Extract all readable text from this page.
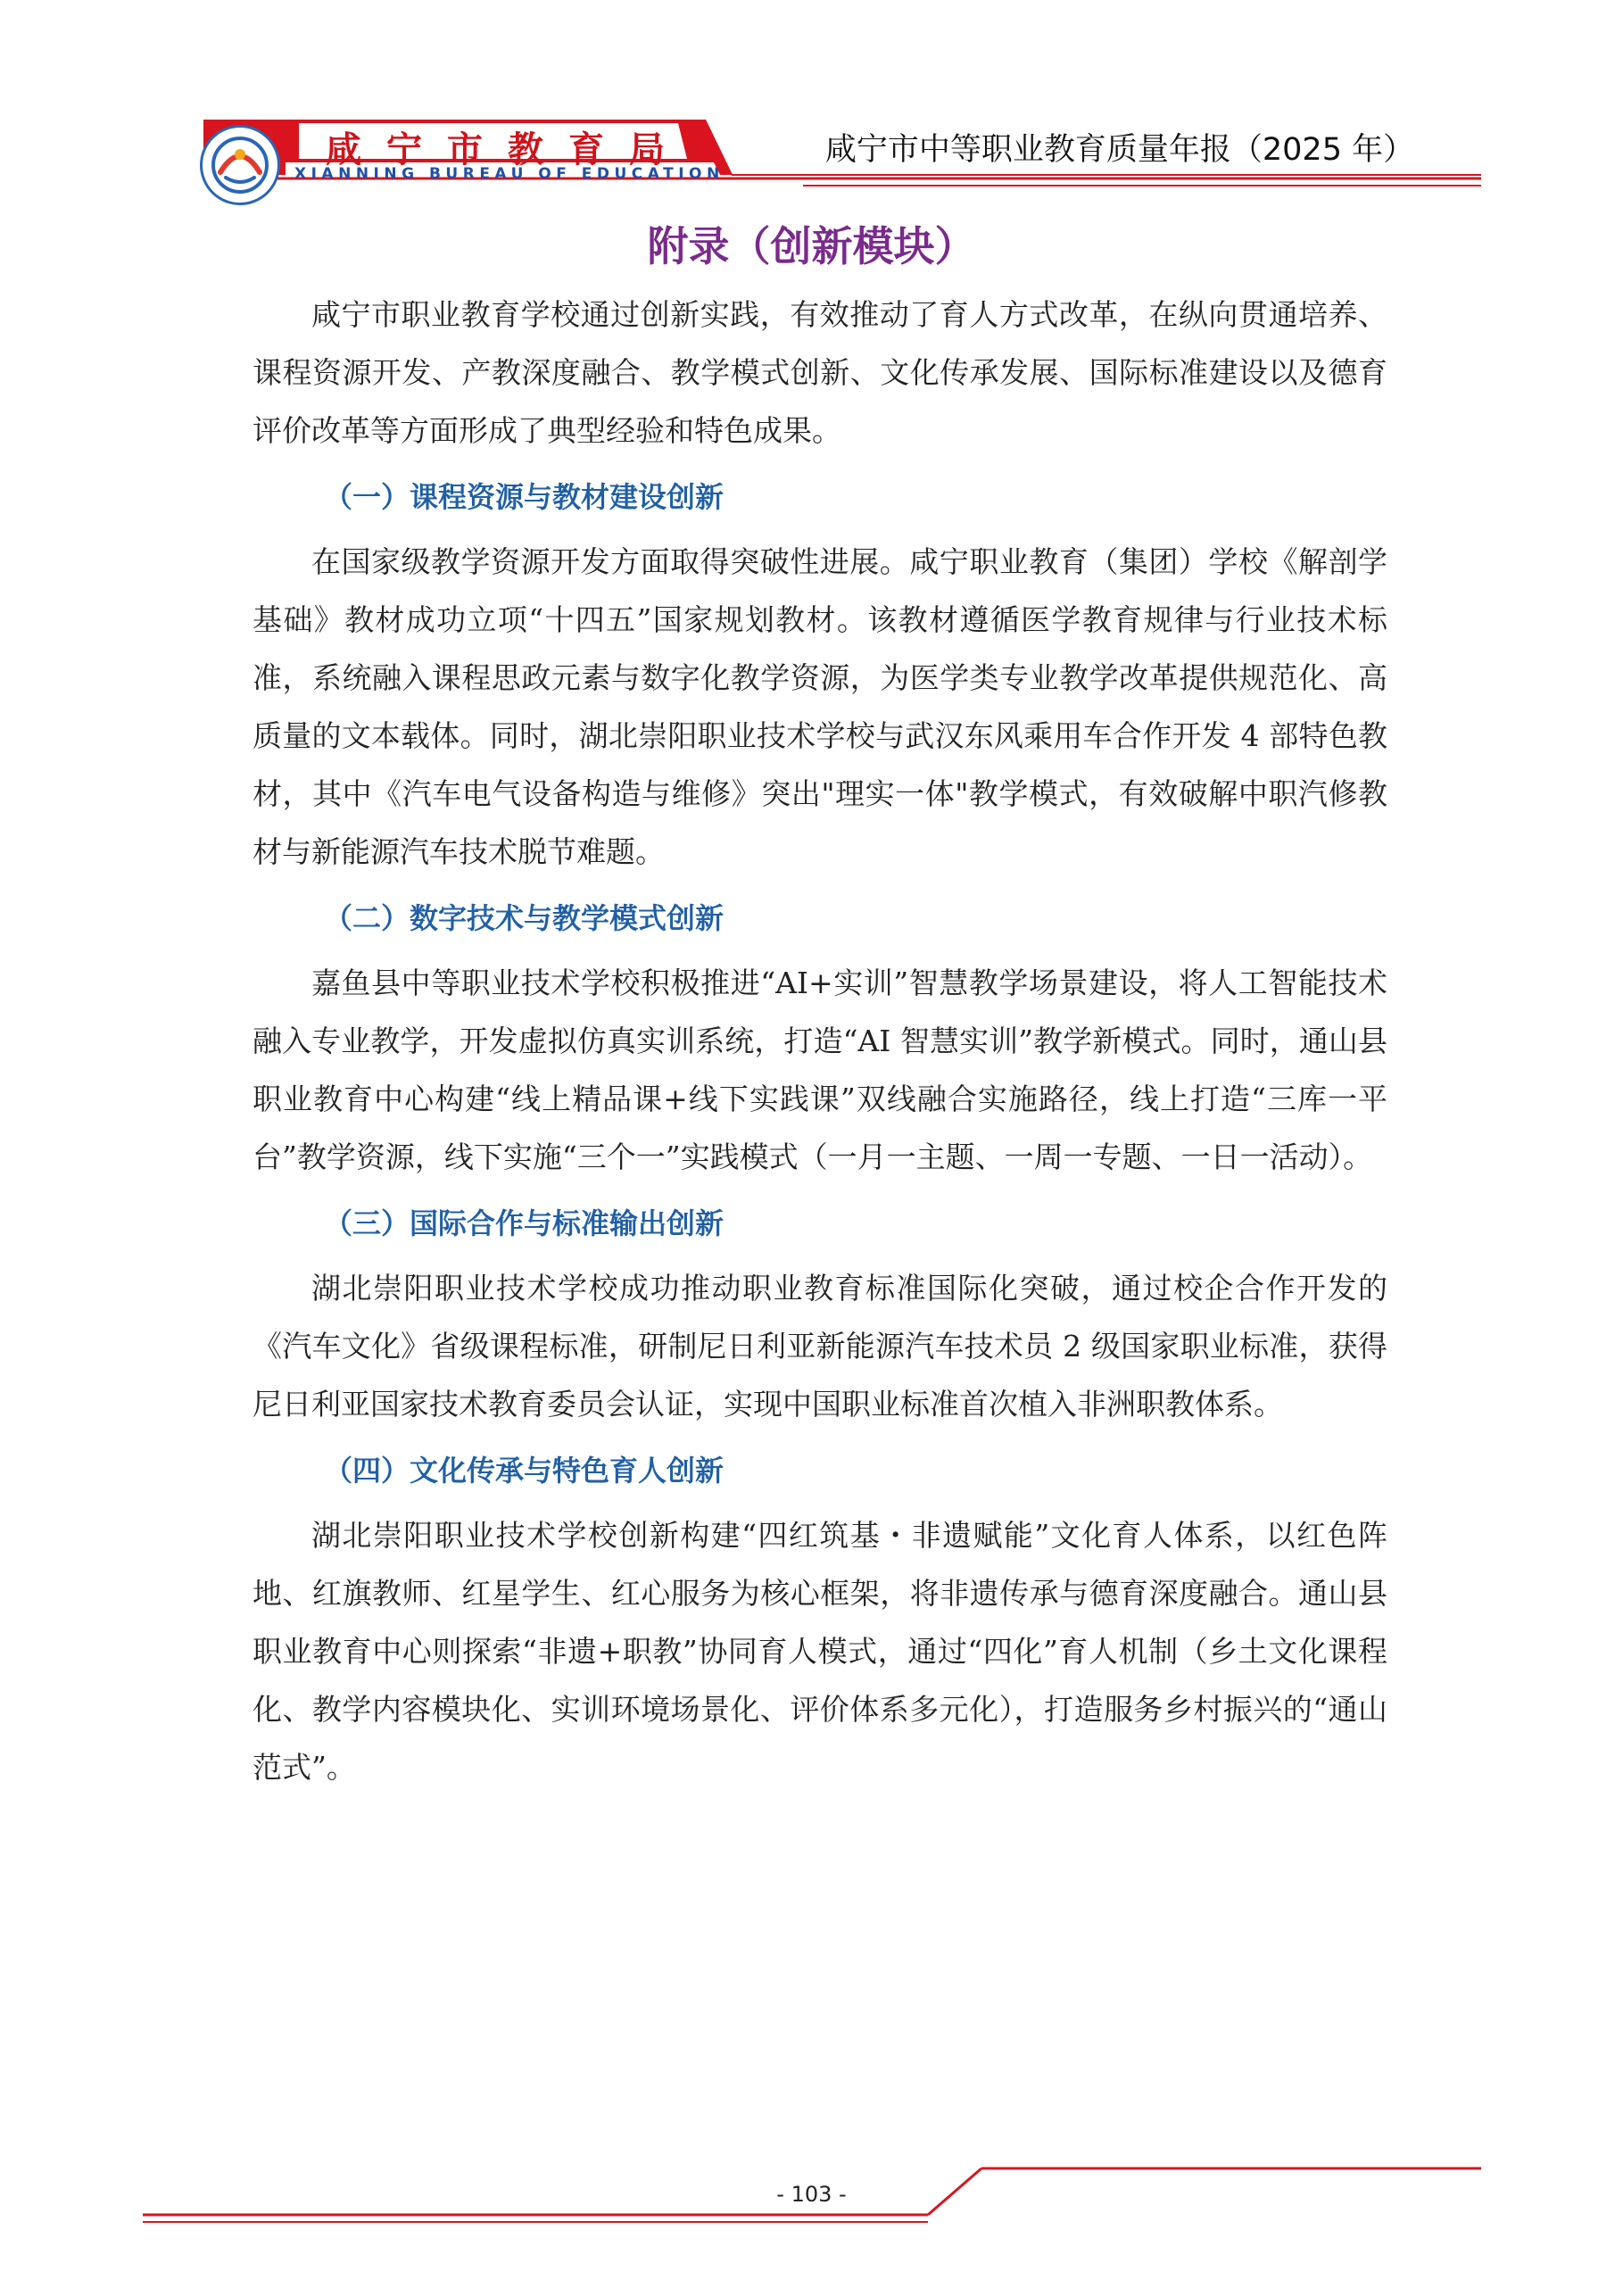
咸宁市教育局
XIANNING BUREAU OF EDUCATION
咸宁市中等职业教育质量年报（2025 年）
附录（创新模块）

咸宁市职业教育学校通过创新实践，有效推动了育人方式改革，在纵向贯通培养、课程资源开发、产教深度融合、教学模式创新、文化传承发展、国际标准建设以及德育评价改革等方面形成了典型经验和特色成果。

（一）课程资源与教材建设创新

在国家级教学资源开发方面取得突破性进展。咸宁职业教育（集团）学校《解剖学基础》教材成功立项“十四五”国家规划教材。该教材遵循医学教育规律与行业技术标准，系统融入课程思政元素与数字化教学资源，为医学类专业教学改革提供规范化、高质量的文本载体。同时，湖北崇阳职业技术学校与武汉东风乘用车合作开发 4 部特色教材，其中《汽车电气设备构造与维修》突出"理实一体"教学模式，有效破解中职汽修教材与新能源汽车技术脱节难题。

（二）数字技术与教学模式创新

嘉鱼县中等职业技术学校积极推进“AI+实训”智慧教学场景建设，将人工智能技术融入专业教学，开发虚拟仿真实训系统，打造“AI 智慧实训”教学新模式。同时，通山县职业教育中心构建“线上精品课+线下实践课”双线融合实施路径，线上打造“三库一平台”教学资源，线下实施“三个一”实践模式（一月一主题、一周一专题、一日一活动）。

（三）国际合作与标准输出创新

湖北崇阳职业技术学校成功推动职业教育标准国际化突破，通过校企合作开发的《汽车文化》省级课程标准，研制尼日利亚新能源汽车技术员 2 级国家职业标准，获得尼日利亚国家技术教育委员会认证，实现中国职业标准首次植入非洲职教体系。

（四）文化传承与特色育人创新

湖北崇阳职业技术学校创新构建“四红筑基・非遗赋能”文化育人体系，以红色阵地、红旗教师、红星学生、红心服务为核心框架，将非遗传承与德育深度融合。通山县职业教育中心则探索“非遗+职教”协同育人模式，通过“四化”育人机制（乡土文化课程化、教学内容模块化、实训环境场景化、评价体系多元化），打造服务乡村振兴的“通山范式”。

- 103 -
